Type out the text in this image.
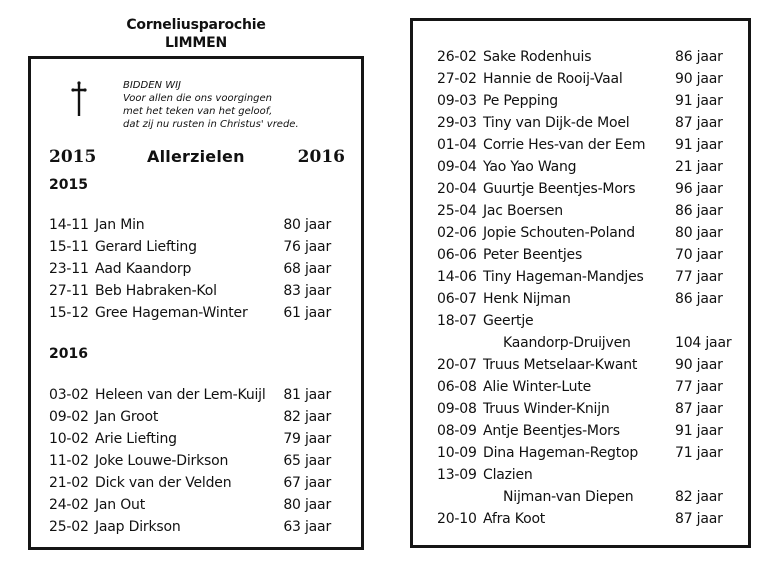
Corneliusparochie
LIMMEN
BIDDEN WIJ
Voor allen die ons voorgingen
met het teken van het geloof,
dat zij nu rusten in Christus' vrede.
2015	Allerzielen	2016
2015
14-11 Jan Min	80 jaar
15-11 Gerard Liefting	76 jaar
23-11 Aad Kaandorp	68 jaar
27-11 Beb Habraken-Kol	83 jaar
15-12 Gree Hageman-Winter	61 jaar
2016
03-02 Heleen van der Lem-Kuijl 81 jaar
09-02 Jan Groot	82 jaar
10-02 Arie Liefting	79 jaar
11-02 Joke Louwe-Dirkson	65 jaar
21-02 Dick van der Velden	67 jaar
24-02 Jan Out	80 jaar
25-02 Jaap Dirkson	63 jaar
26-02 Sake Rodenhuis	86 jaar
27-02 Hannie de Rooij-Vaal	90 jaar
09-03 Pe Pepping	91 jaar
29-03 Tiny van Dijk-de Moel	87 jaar
01-04 Corrie Hes-van der Eem 91 jaar
09-04 Yao Yao Wang	21 jaar
20-04 Guurtje Beentjes-Mors	96 jaar
25-04 Jac Boersen	86 jaar
02-06 Jopie Schouten-Poland	80 jaar
06-06 Peter Beentjes	70 jaar
14-06 Tiny Hageman-Mandjes 77 jaar
06-07 Henk Nijman	86 jaar
18-07 Geertje
Kaandorp-Druijven	104 jaar
20-07 Truus Metselaar-Kwant	90 jaar
06-08 Alie Winter-Lute	77 jaar
09-08 Truus Winder-Knijn	87 jaar
08-09 Antje Beentjes-Mors	91 jaar
10-09 Dina Hageman-Regtop	71 jaar
13-09 Clazien
Nijman-van Diepen	82 jaar
20-10 Afra Koot	87 jaar
